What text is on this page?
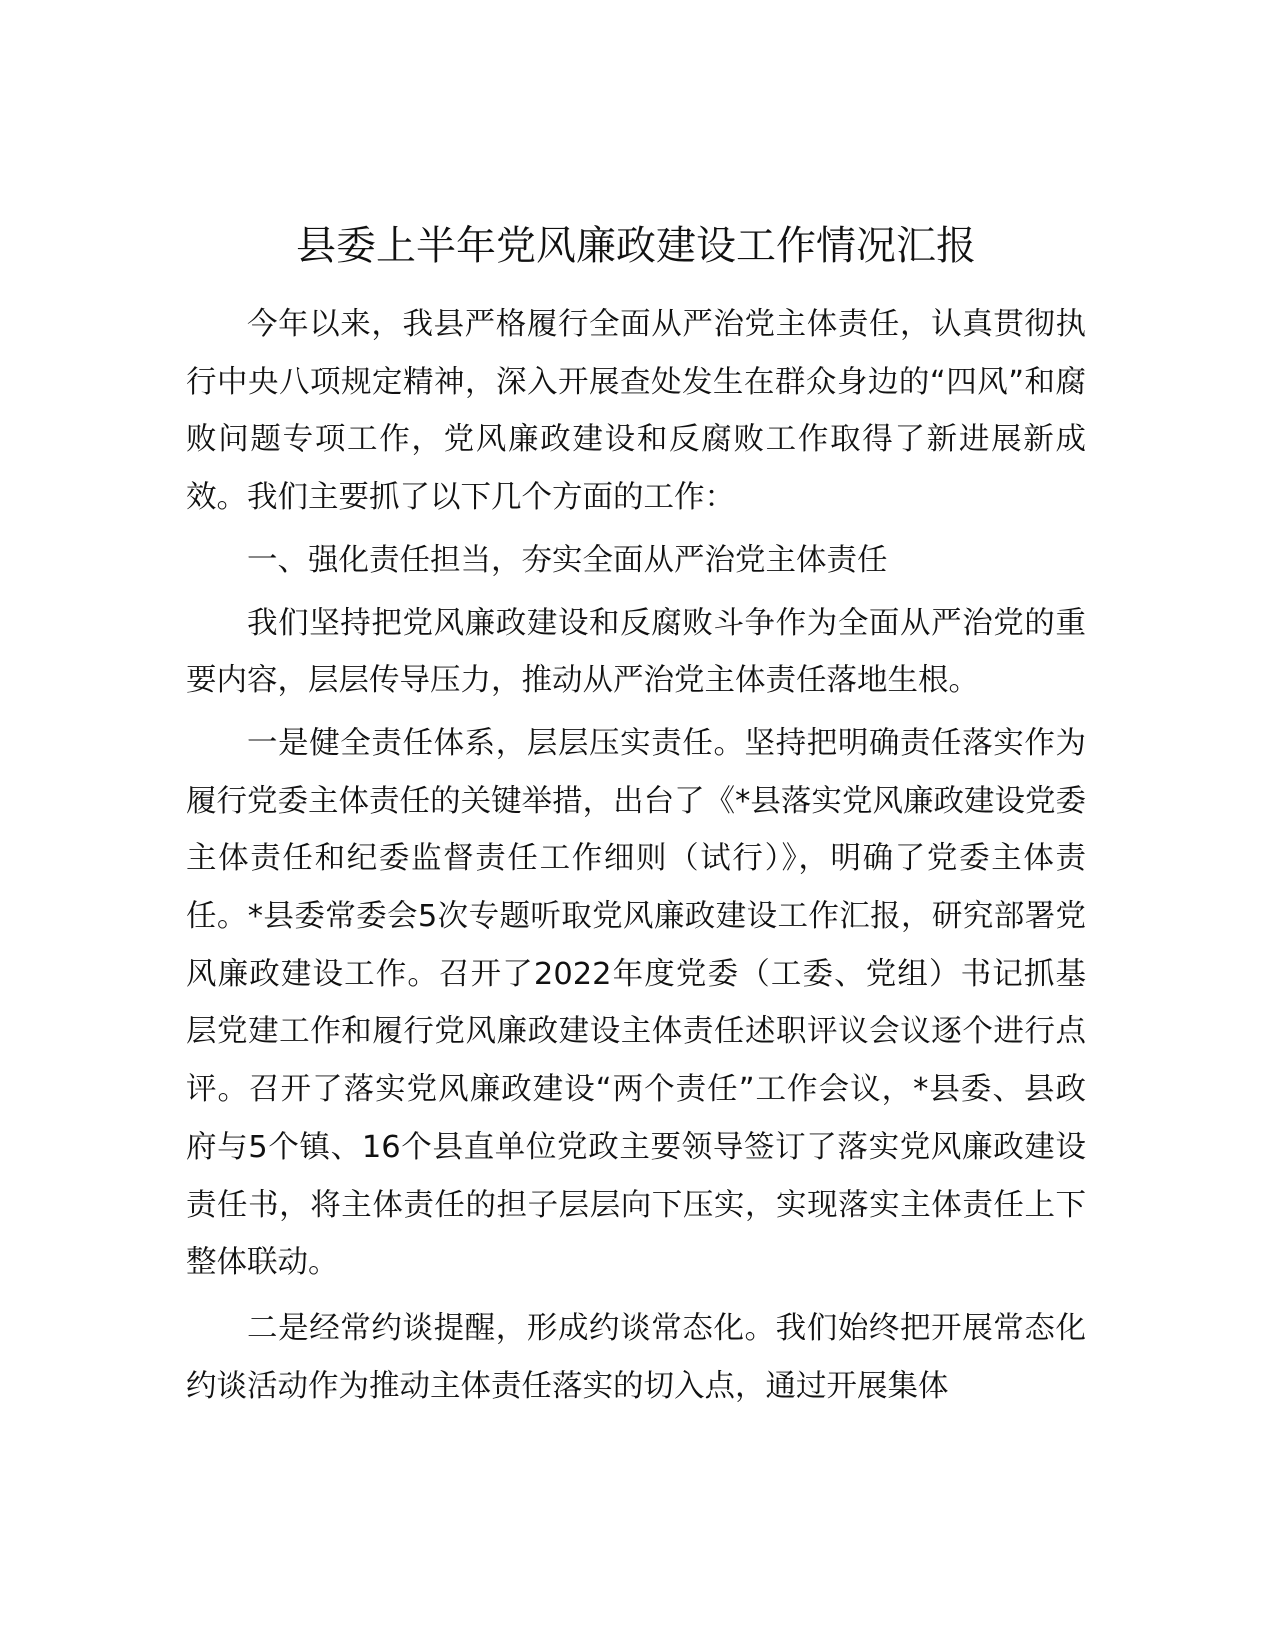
县委上半年党风廉政建设工作情况汇报

今年以来，我县严格履行全面从严治党主体责任，认真贯彻执行中央八项规定精神，深入开展查处发生在群众身边的“四风”和腐败问题专项工作，党风廉政建设和反腐败工作取得了新进展新成效。我们主要抓了以下几个方面的工作：

一、强化责任担当，夯实全面从严治党主体责任

我们坚持把党风廉政建设和反腐败斗争作为全面从严治党的重要内容，层层传导压力，推动从严治党主体责任落地生根。

一是健全责任体系，层层压实责任。坚持把明确责任落实作为履行党委主体责任的关键举措，出台了《*县落实党风廉政建设党委主体责任和纪委监督责任工作细则（试行）》，明确了党委主体责任。*县委常委会5次专题听取党风廉政建设工作汇报，研究部署党风廉政建设工作。召开了2022年度党委（工委、党组）书记抓基层党建工作和履行党风廉政建设主体责任述职评议会议逐个进行点评。召开了落实党风廉政建设“两个责任”工作会议，*县委、县政府与5个镇、16个县直单位党政主要领导签订了落实党风廉政建设责任书，将主体责任的担子层层向下压实，实现落实主体责任上下整体联动。

二是经常约谈提醒，形成约谈常态化。我们始终把开展常态化约谈活动作为推动主体责任落实的切入点，通过开展集体
